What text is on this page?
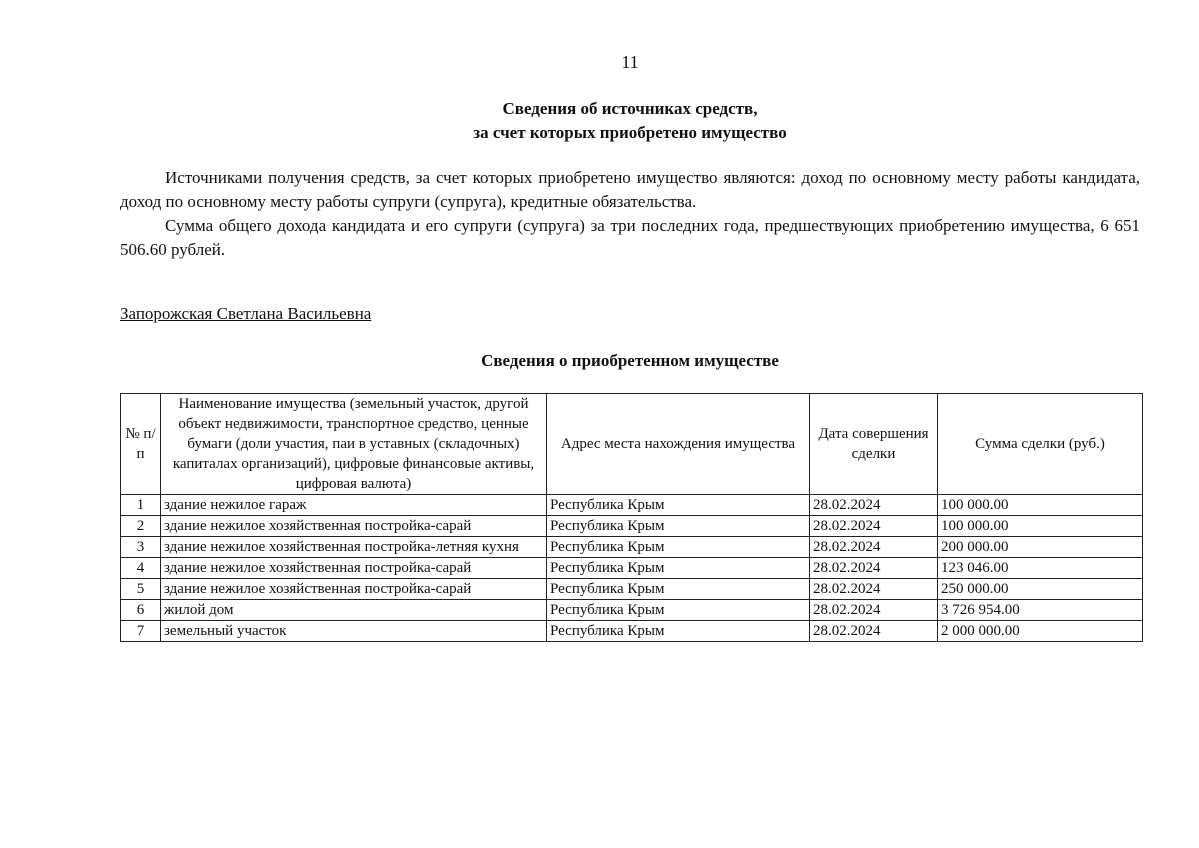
11
Сведения об источниках средств,
за счет которых приобретено имущество

Источниками получения средств, за счет которых приобретено имущество являются: доход по основному месту работы кандидата, доход по основному месту работы супруги (супруга), кредитные обязательства.

Сумма общего дохода кандидата и его супруги (супруга) за три последних года, предшествующих приобретению имущества, 6 651 506.60 рублей.

Запорожская Светлана Васильевна
Сведения о приобретенном имуществе
№ п/п	Наименование имущества (земельный участок, другой объект недвижимости, транспортное средство, ценные бумаги (доли участия, паи в уставных (складочных) капиталах организаций), цифровые финансовые активы, цифровая валюта)	Адрес места нахождения имущества	Дата совершения сделки	Сумма сделки (руб.)
1	здание нежилое гараж	Республика Крым	28.02.2024	100 000.00
2	здание нежилое хозяйственная постройка-сарай	Республика Крым	28.02.2024	100 000.00
3	здание нежилое хозяйственная постройка-летняя кухня	Республика Крым	28.02.2024	200 000.00
4	здание нежилое хозяйственная постройка-сарай	Республика Крым	28.02.2024	123 046.00
5	здание нежилое хозяйственная постройка-сарай	Республика Крым	28.02.2024	250 000.00
6	жилой дом	Республика Крым	28.02.2024	3 726 954.00
7	земельный участок	Республика Крым	28.02.2024	2 000 000.00
